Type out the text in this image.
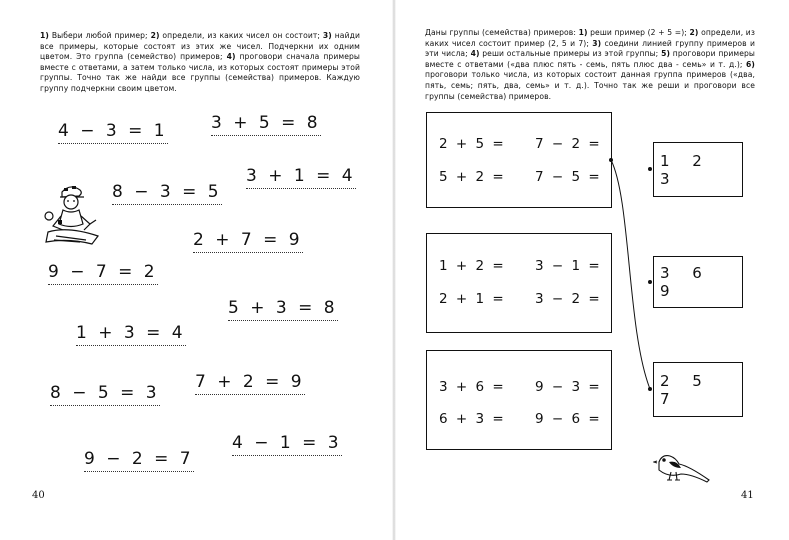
1) Выбери любой пример; 2) определи, из каких чисел он состоит; 3) найди все примеры, которые состоят из этих же чисел. Подчеркни их одним цветом. Это группа (семейство) примеров; 4) проговори сначала примеры вместе с ответами, а затем только числа, из которых состоят примеры этой группы. Точно так же найди все группы (семейства) примеров. Каждую группу подчеркни своим цветом.
4 − 3 = 1	3 + 5 = 8
3 + 1 = 4
8 − 3 = 5
2 + 7 = 9
9 − 7 = 2
5 + 3 = 8
1 + 3 = 4
7 + 2 = 9
8 − 5 = 3
4 − 1 = 3
9 − 2 = 7
40
Даны группы (семейства) примеров: 1) реши пример (2 + 5 =); 2) определи, из каких чисел состоит пример (2, 5 и 7); 3) соедини линией группу примеров и эти числа; 4) реши остальные примеры из этой группы; 5) проговори примеры вместе с ответами («два плюс пять - семь, пять плюс два - семь» и т. д.); 6) проговори только числа, из которых состоит данная группа примеров («два, пять, семь; пять, два, семь» и т. д.). Точно так же реши и проговори все группы (семейства) примеров.
2 + 5 = 7 − 2 =
5 + 2 = 7 − 5 =
1 + 2 = 3 − 1 =
2 + 1 = 3 − 2 =
3 + 6 = 9 − 3 =
6 + 3 = 9 − 6 =
1 2 3
3 6 9
2 5 7
41
